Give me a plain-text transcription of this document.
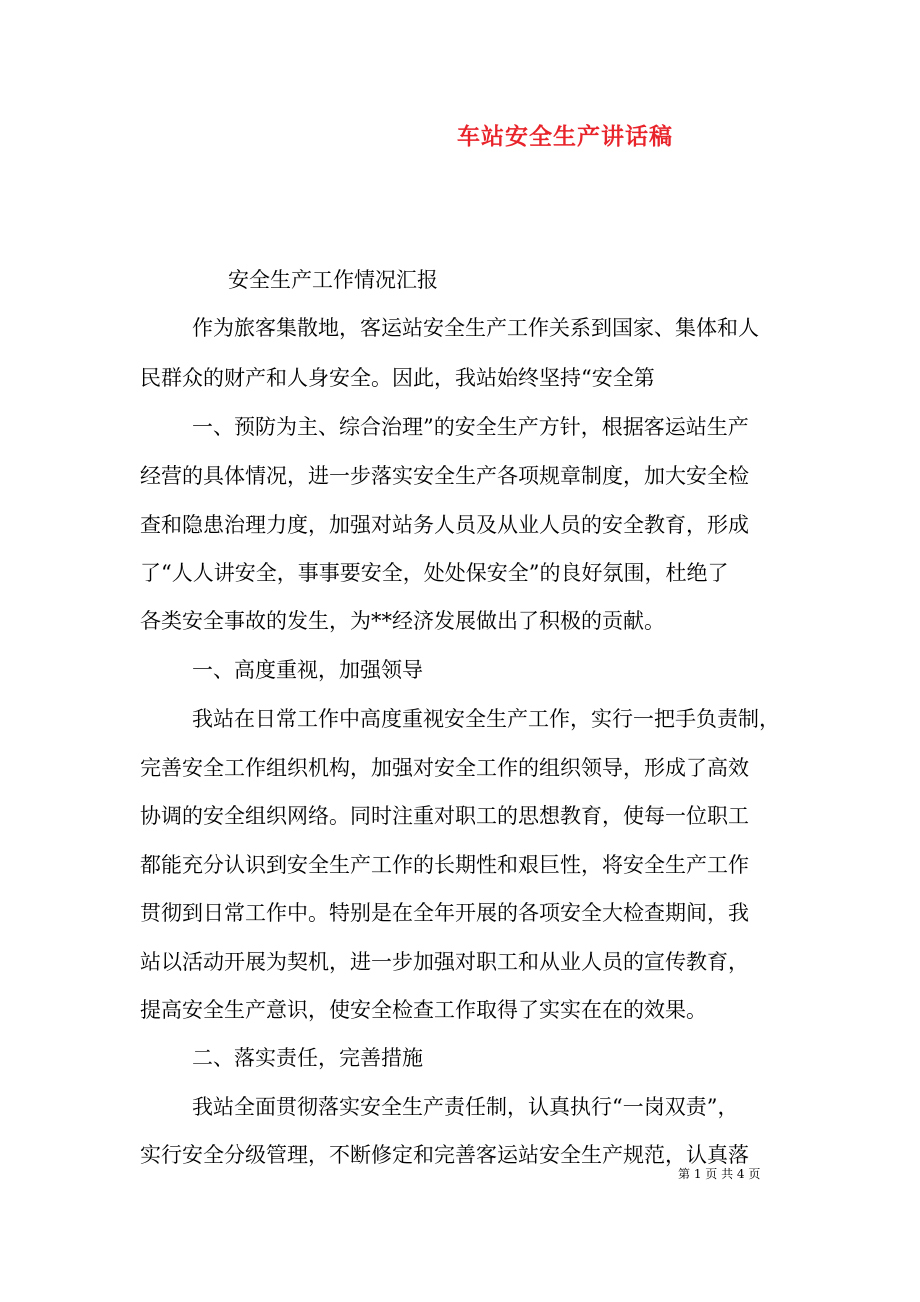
车站安全生产讲话稿

安全生产工作情况汇报

作为旅客集散地，客运站安全生产工作关系到国家、集体和人

民群众的财产和人身安全。因此，我站始终坚持“安全第

一、预防为主、综合治理”的安全生产方针，根据客运站生产

经营的具体情况，进一步落实安全生产各项规章制度，加大安全检

查和隐患治理力度，加强对站务人员及从业人员的安全教育，形成

了“人人讲安全，事事要安全，处处保安全”的良好氛围，杜绝了

各类安全事故的发生，为**经济发展做出了积极的贡献。

一、高度重视，加强领导

我站在日常工作中高度重视安全生产工作，实行一把手负责制，

完善安全工作组织机构，加强对安全工作的组织领导，形成了高效

协调的安全组织网络。同时注重对职工的思想教育，使每一位职工

都能充分认识到安全生产工作的长期性和艰巨性，将安全生产工作

贯彻到日常工作中。特别是在全年开展的各项安全大检查期间，我

站以活动开展为契机，进一步加强对职工和从业人员的宣传教育，

提高安全生产意识，使安全检查工作取得了实实在在的效果。

二、落实责任，完善措施

我站全面贯彻落实安全生产责任制，认真执行“一岗双责”，

实行安全分级管理，不断修定和完善客运站安全生产规范，认真落

第 1 页 共 4 页
